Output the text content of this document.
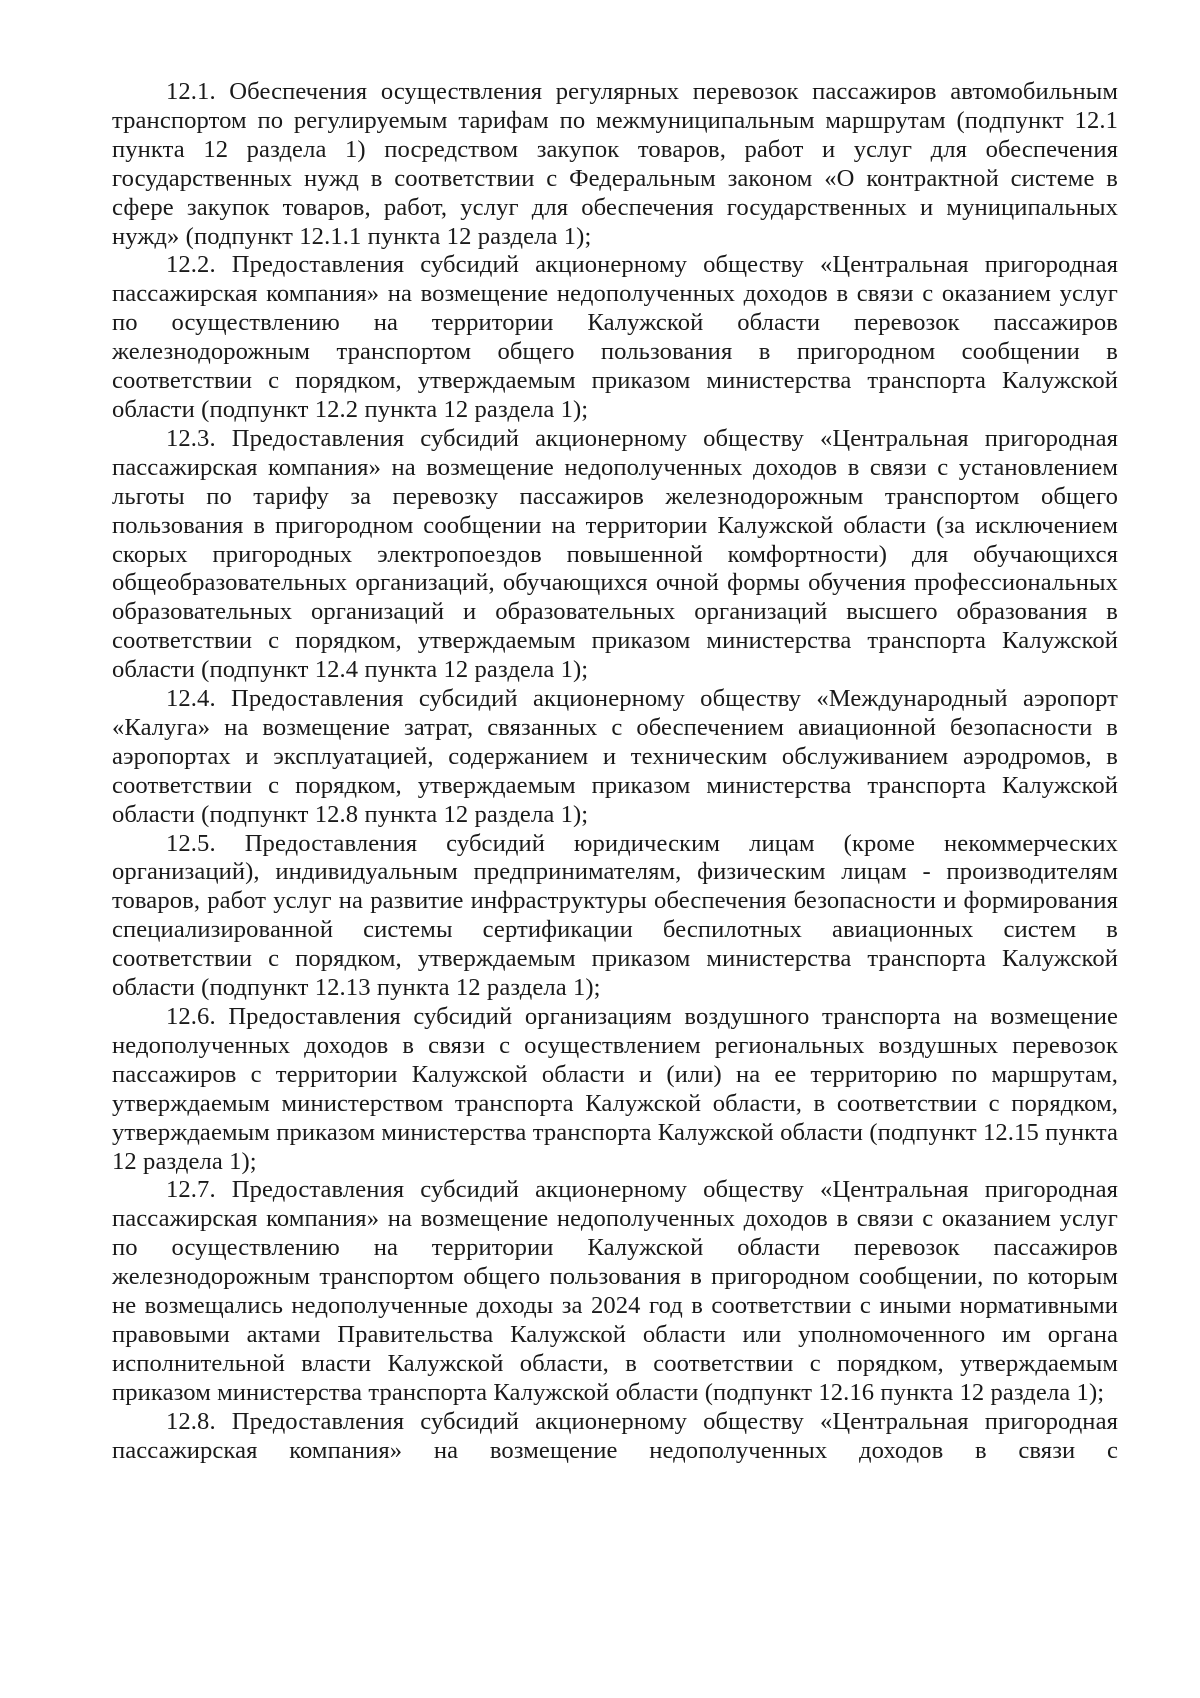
12.1. Обеспечения осуществления регулярных перевозок пассажиров автомобильным транспортом по регулируемым тарифам по межмуниципальным маршрутам (подпункт 12.1 пункта 12 раздела 1) посредством закупок товаров, работ и услуг для обеспечения государственных нужд в соответствии с Федеральным законом «О контрактной системе в сфере закупок товаров, работ, услуг для обеспечения государственных и муниципальных нужд» (подпункт 12.1.1 пункта 12 раздела 1);

12.2. Предоставления субсидий акционерному обществу «Центральная пригородная пассажирская компания» на возмещение недополученных доходов в связи с оказанием услуг по осуществлению на территории Калужской области перевозок пассажиров железнодорожным транспортом общего пользования в пригородном сообщении в соответствии с порядком, утверждаемым приказом министерства транспорта Калужской области (подпункт 12.2 пункта 12 раздела 1);

12.3. Предоставления субсидий акционерному обществу «Центральная пригородная пассажирская компания» на возмещение недополученных доходов в связи с установлением льготы по тарифу за перевозку пассажиров железнодорожным транспортом общего пользования в пригородном сообщении на территории Калужской области (за исключением скорых пригородных электропоездов повышенной комфортности) для обучающихся общеобразовательных организаций, обучающихся очной формы обучения профессиональных образовательных организаций и образовательных организаций высшего образования в соответствии с порядком, утверждаемым приказом министерства транспорта Калужской области (подпункт 12.4 пункта 12 раздела 1);

12.4. Предоставления субсидий акционерному обществу «Международный аэропорт «Калуга» на возмещение затрат, связанных с обеспечением авиационной безопасности в аэропортах и эксплуатацией, содержанием и техническим обслуживанием аэродромов, в соответствии с порядком, утверждаемым приказом министерства транспорта Калужской области (подпункт 12.8 пункта 12 раздела 1);

12.5. Предоставления субсидий юридическим лицам (кроме некоммерческих организаций), индивидуальным предпринимателям, физическим лицам - производителям товаров, работ услуг на развитие инфраструктуры обеспечения безопасности и формирования специализированной системы сертификации беспилотных авиационных систем в соответствии с порядком, утверждаемым приказом министерства транспорта Калужской области (подпункт 12.13 пункта 12 раздела 1);

12.6. Предоставления субсидий организациям воздушного транспорта на возмещение недополученных доходов в связи с осуществлением региональных воздушных перевозок пассажиров с территории Калужской области и (или) на ее территорию по маршрутам, утверждаемым министерством транспорта Калужской области, в соответствии с порядком, утверждаемым приказом министерства транспорта Калужской области (подпункт 12.15 пункта 12 раздела 1);

12.7. Предоставления субсидий акционерному обществу «Центральная пригородная пассажирская компания» на возмещение недополученных доходов в связи с оказанием услуг по осуществлению на территории Калужской области перевозок пассажиров железнодорожным транспортом общего пользования в пригородном сообщении, по которым не возмещались недополученные доходы за 2024 год в соответствии с иными нормативными правовыми актами Правительства Калужской области или уполномоченного им органа исполнительной власти Калужской области, в соответствии с порядком, утверждаемым приказом министерства транспорта Калужской области (подпункт 12.16 пункта 12 раздела 1);

12.8. Предоставления субсидий акционерному обществу «Центральная пригородная пассажирская компания» на возмещение недополученных доходов в связи с
